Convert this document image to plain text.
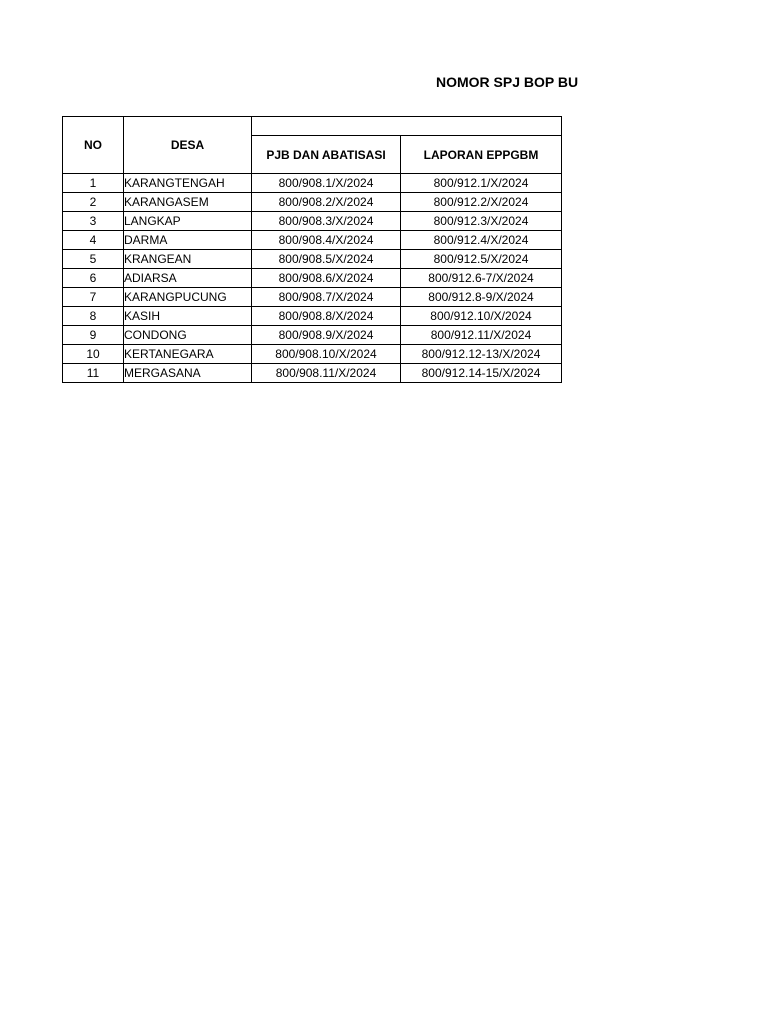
NOMOR SPJ BOP BU
NO	DESA		
		PJB DAN ABATISASI	LAPORAN EPPGBM
1	KARANGTENGAH	800/908.1/X/2024	800/912.1/X/2024
2	KARANGASEM	800/908.2/X/2024	800/912.2/X/2024
3	LANGKAP	800/908.3/X/2024	800/912.3/X/2024
4	DARMA	800/908.4/X/2024	800/912.4/X/2024
5	KRANGEAN	800/908.5/X/2024	800/912.5/X/2024
6	ADIARSA	800/908.6/X/2024	800/912.6-7/X/2024
7	KARANGPUCUNG	800/908.7/X/2024	800/912.8-9/X/2024
8	KASIH	800/908.8/X/2024	800/912.10/X/2024
9	CONDONG	800/908.9/X/2024	800/912.11/X/2024
10	KERTANEGARA	800/908.10/X/2024	800/912.12-13/X/2024
11	MERGASANA	800/908.11/X/2024	800/912.14-15/X/2024
